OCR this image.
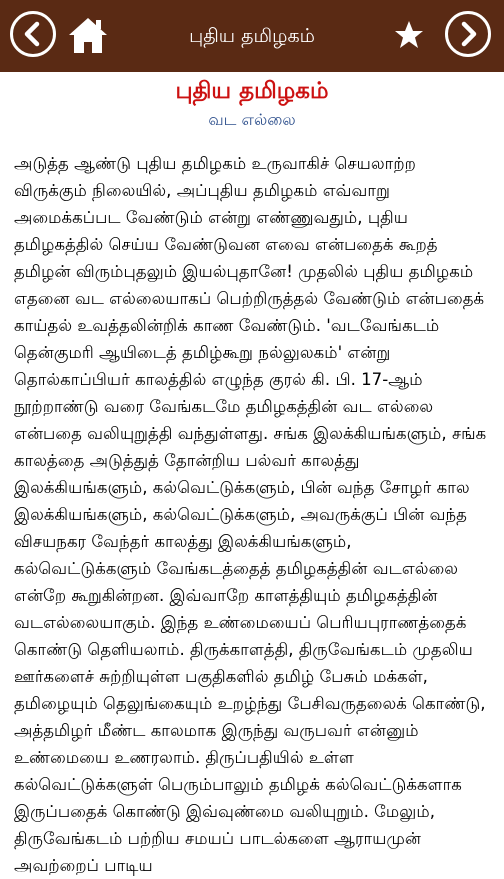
புதிய தமிழகம்
புதிய தமிழகம்
வட எல்லை

அடுத்த ஆண்டு புதிய தமிழகம் உருவாகிச் செயலாற்ற விருக்கும் நிலையில், அப்புதிய தமிழகம் எவ்வாறு அமைக்கப்பட வேண்டும் என்று எண்ணுவதும், புதிய தமிழகத்தில் செய்ய வேண்டுவன எவை என்பதைக் கூறத் தமிழன் விரும்புதலும் இயல்புதானே! முதலில் புதிய தமிழகம் எதனை வட எல்லையாகப் பெற்றிருத்தல் வேண்டும் என்பதைக் காய்தல் உவத்தலின்றிக் காண வேண்டும். 'வடவேங்கடம் தென்குமரி ஆயிடைத் தமிழ்கூறு நல்லுலகம்' என்று தொல்காப்பியர் காலத்தில் எழுந்த குரல் கி. பி. 17-ஆம் நூற்றாண்டு வரை வேங்கடமே தமிழகத்தின் வட எல்லை என்பதை வலியுறுத்தி வந்துள்ளது. சங்க இலக்கியங்களும், சங்க காலத்தை அடுத்துத் தோன்றிய பல்வர் காலத்து இலக்கியங்களும், கல்வெட்டுக்களும், பின் வந்த சோழர் கால இலக்கியங்களும், கல்வெட்டுக்களும், அவருக்குப் பின் வந்த விசயநகர வேந்தர் காலத்து இலக்கியங்களும், கல்வெட்டுக்களும் வேங்கடத்தைத் தமிழகத்தின் வடஎல்லை என்றே கூறுகின்றன. இவ்வாறே காளத்தியும் தமிழகத்தின் வடஎல்லையாகும். இந்த உண்மையைப் பெரியபுராணத்தைக் கொண்டு தெளியலாம். திருக்காளத்தி, திருவேங்கடம் முதலிய ஊர்களைச் சுற்றியுள்ள பகுதிகளில் தமிழ் பேசும் மக்கள், தமிழையும் தெலுங்கையும் உறழ்ந்து பேசிவருதலைக் கொண்டு, அத்தமிழர் மீண்ட காலமாக இருந்து வருபவர் என்னும் உண்மையை உணரலாம். திருப்பதியில் உள்ள கல்வெட்டுக்களுள் பெரும்பாலும் தமிழக் கல்வெட்டுக்களாக இருப்பதைக் கொண்டு இவ்வுண்மை வலியுறும். மேலும், திருவேங்கடம் பற்றிய சமயப் பாடல்களை ஆராயமுன் அவற்றைப் பாடிய
